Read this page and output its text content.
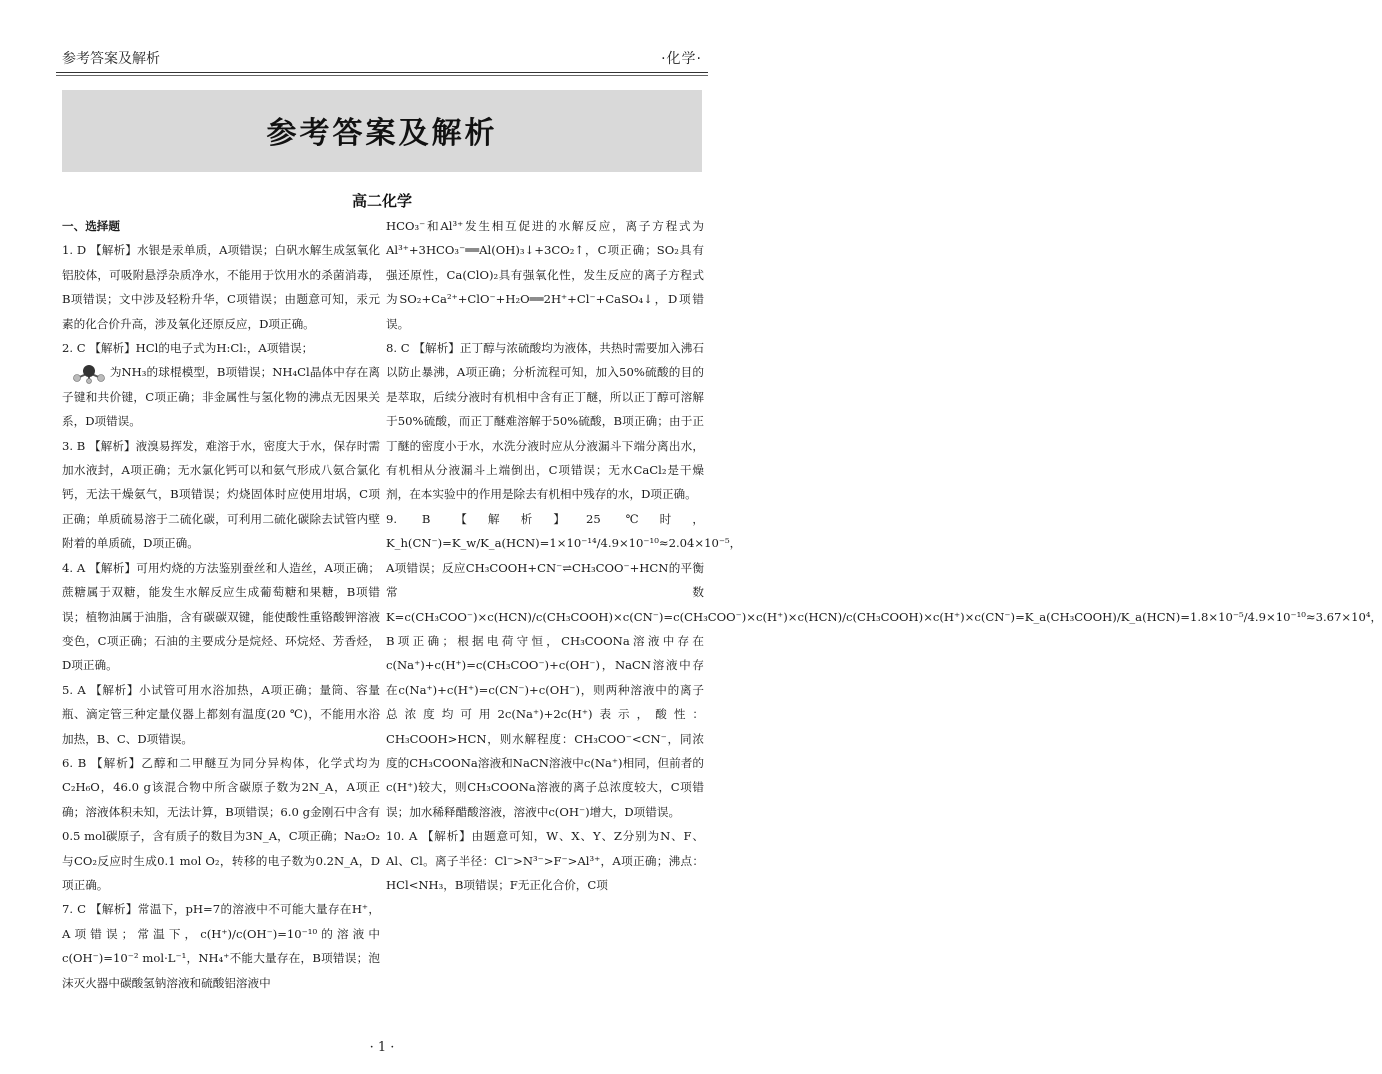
参考答案及解析	·化学·
参考答案及解析
高二化学

一、选择题

1. D 【解析】水银是汞单质，A项错误；白矾水解生成氢氧化铝胶体，可吸附悬浮杂质净水，不能用于饮用水的杀菌消毒，B项错误；文中涉及轻粉升华，C项错误；由题意可知，汞元素的化合价升高，涉及氧化还原反应，D项正确。

2. C 【解析】HCl的电子式为H:Cl:，A项错误；

为NH₃的球棍模型，B项错误；NH₄Cl晶体中存在离子键和共价键，C项正确；非金属性与氢化物的沸点无因果关系，D项错误。

3. B 【解析】液溴易挥发，难溶于水，密度大于水，保存时需加水液封，A项正确；无水氯化钙可以和氨气形成八氨合氯化钙，无法干燥氨气，B项错误；灼烧固体时应使用坩埚，C项正确；单质硫易溶于二硫化碳，可利用二硫化碳除去试管内壁附着的单质硫，D项正确。

4. A 【解析】可用灼烧的方法鉴别蚕丝和人造丝，A项正确；蔗糖属于双糖，能发生水解反应生成葡萄糖和果糖，B项错误；植物油属于油脂，含有碳碳双键，能使酸性重铬酸钾溶液变色，C项正确；石油的主要成分是烷烃、环烷烃、芳香烃，D项正确。

5. A 【解析】小试管可用水浴加热，A项正确；量筒、容量瓶、滴定管三种定量仪器上都刻有温度(20 ℃)，不能用水浴加热，B、C、D项错误。

6. B 【解析】乙醇和二甲醚互为同分异构体，化学式均为C₂H₆O，46.0 g该混合物中所含碳原子数为2N_A，A项正确；溶液体积未知，无法计算，B项错误；6.0 g金刚石中含有0.5 mol碳原子，含有质子的数目为3N_A，C项正确；Na₂O₂与CO₂反应时生成0.1 mol O₂，转移的电子数为0.2N_A，D项正确。

7. C 【解析】常温下，pH=7的溶液中不可能大量存在H⁺，A项错误；常温下，c(H⁺)/c(OH⁻)=10⁻¹⁰的溶液中c(OH⁻)=10⁻² mol·L⁻¹，NH₄⁺不能大量存在，B项错误；泡沫灭火器中碳酸氢钠溶液和硫酸铝溶液中

HCO₃⁻和Al³⁺发生相互促进的水解反应，离子方程式为Al³⁺+3HCO₃⁻══Al(OH)₃↓+3CO₂↑，C项正确；SO₂具有强还原性，Ca(ClO)₂具有强氧化性，发生反应的离子方程式为SO₂+Ca²⁺+ClO⁻+H₂O══2H⁺+Cl⁻+CaSO₄↓，D项错误。

8. C 【解析】正丁醇与浓硫酸均为液体，共热时需要加入沸石以防止暴沸，A项正确；分析流程可知，加入50%硫酸的目的是萃取，后续分液时有机相中含有正丁醚，所以正丁醇可溶解于50%硫酸，而正丁醚难溶解于50%硫酸，B项正确；由于正丁醚的密度小于水，水洗分液时应从分液漏斗下端分离出水，有机相从分液漏斗上端倒出，C项错误；无水CaCl₂是干燥剂，在本实验中的作用是除去有机相中残存的水，D项正确。

9. B 【解析】25 ℃时，K_h(CN⁻)=K_w/K_a(HCN)=1×10⁻¹⁴/4.9×10⁻¹⁰≈2.04×10⁻⁵，A项错误；反应CH₃COOH+CN⁻⇌CH₃COO⁻+HCN的平衡常数K=c(CH₃COO⁻)×c(HCN)/c(CH₃COOH)×c(CN⁻)=c(CH₃COO⁻)×c(H⁺)×c(HCN)/c(CH₃COOH)×c(H⁺)×c(CN⁻)=K_a(CH₃COOH)/K_a(HCN)=1.8×10⁻⁵/4.9×10⁻¹⁰≈3.67×10⁴，B项正确；根据电荷守恒，CH₃COONa溶液中存在c(Na⁺)+c(H⁺)=c(CH₃COO⁻)+c(OH⁻)，NaCN溶液中存在c(Na⁺)+c(H⁺)=c(CN⁻)+c(OH⁻)，则两种溶液中的离子总浓度均可用2c(Na⁺)+2c(H⁺)表示，酸性：CH₃COOH>HCN，则水解程度：CH₃COO⁻<CN⁻，同浓度的CH₃COONa溶液和NaCN溶液中c(Na⁺)相同，但前者的c(H⁺)较大，则CH₃COONa溶液的离子总浓度较大，C项错误；加水稀释醋酸溶液，溶液中c(OH⁻)增大，D项错误。

10. A 【解析】由题意可知，W、X、Y、Z分别为N、F、Al、Cl。离子半径：Cl⁻>N³⁻>F⁻>Al³⁺，A项正确；沸点：HCl<NH₃，B项错误；F无正化合价，C项

· 1 ·
